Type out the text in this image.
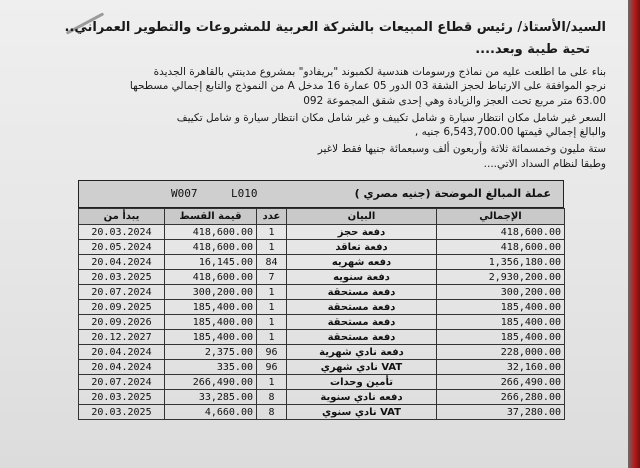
السيد/الأستاذ/ رئيس قطاع المبيعات بالشركة العربية للمشروعات والتطوير العمراني..
تحية طيبة وبعد....
بناء على ما اطلعت عليه من نماذج ورسومات هندسية لكمبوند "بريفادو" بمشروع مدينتي بالقاهرة الجديدة
نرجو الموافقة على الارتباط لحجز الشقة 03 الدور 05 عمارة 16 مدخل A من النموذج والتابع إجمالي مسطحها
63.00 متر مربع تحت العجز والزيادة وهي إحدى شقق المجموعة 092
السعر غير شامل مكان انتظار سيارة و شامل تكييف و غير شامل مكان انتظار سيارة و شامل تكييف
والبالغ إجمالي قيمتها 6,543,700.00 جنيه ,
ستة مليون وخمسمائة ثلاثة وأربعون ألف وسبعمائة جنيها فقط لاغير
وطبقا لنظام السداد الاتي....
W007	L010	عملة المبالغ الموضحة (جنيه مصري )
يبدأ من	قيمة القسط	عدد	البيان	الإجمالي
20.03.2024	418,600.00	1	دفعة حجز	418,600.00
20.05.2024	418,600.00	1	دفعة تعاقد	418,600.00
20.04.2024	16,145.00	84	دفعه شهريه	1,356,180.00
20.03.2025	418,600.00	7	دفعة سنويه	2,930,200.00
20.07.2024	300,200.00	1	دفعة مستحقة	300,200.00
20.09.2025	185,400.00	1	دفعة مستحقة	185,400.00
20.09.2026	185,400.00	1	دفعة مستحقة	185,400.00
20.12.2027	185,400.00	1	دفعة مستحقة	185,400.00
20.04.2024	2,375.00	96	دفعة نادي شهرية	228,000.00
20.04.2024	335.00	96	VAT نادي شهري	32,160.00
20.07.2024	266,490.00	1	تأمين وحدات	266,490.00
20.03.2025	33,285.00	8	دفعه نادي سنوية	266,280.00
20.03.2025	4,660.00	8	VAT نادي سنوي	37,280.00
